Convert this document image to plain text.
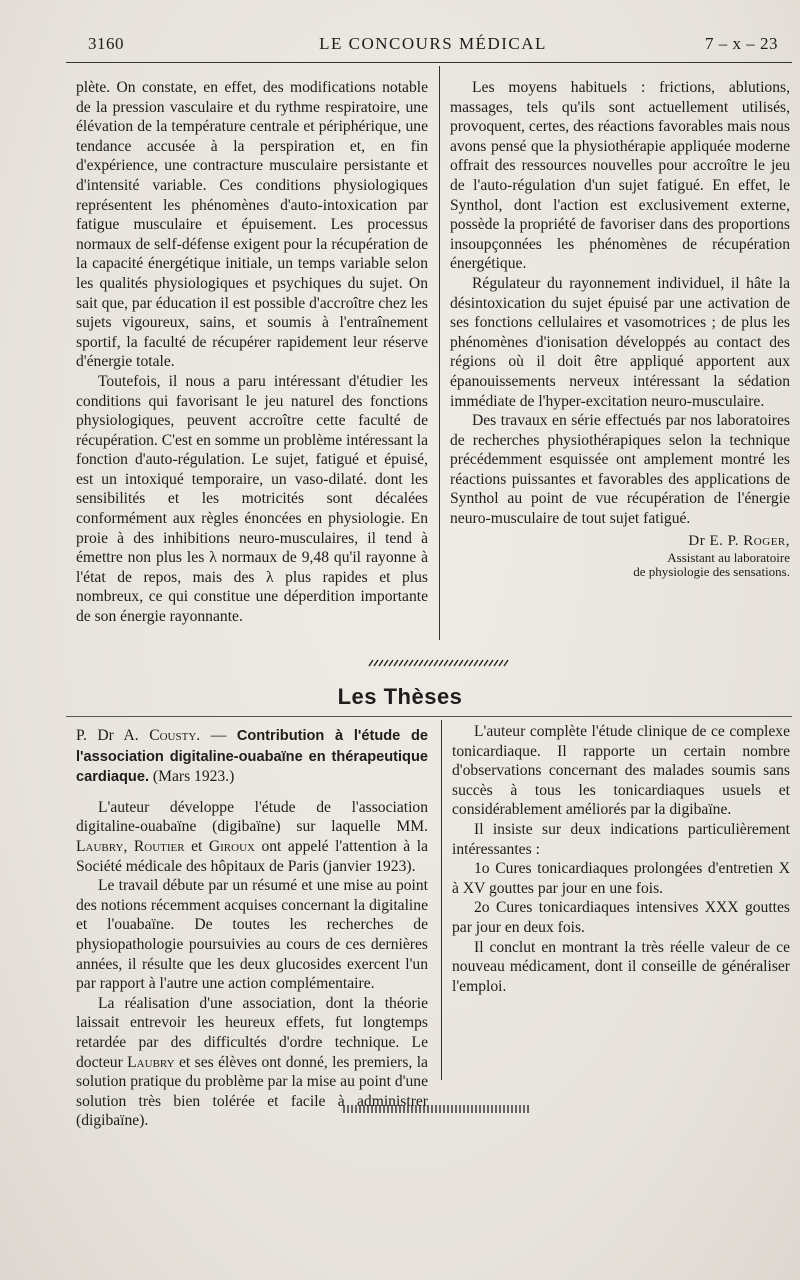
3160	LE CONCOURS MÉDICAL	7 – x – 23

plète. On constate, en effet, des modifications notable de la pression vasculaire et du rythme respiratoire, une élévation de la température centrale et périphérique, une tendance accusée à la perspiration et, en fin d'expérience, une contracture musculaire persistante et d'intensité variable. Ces conditions physiologiques représentent les phénomènes d'auto-intoxication par fatigue musculaire et épuisement. Les processus normaux de self-défense exigent pour la récupération de la capacité énergétique initiale, un temps variable selon les qualités physiologiques et psychiques du sujet. On sait que, par éducation il est possible d'accroître chez les sujets vigoureux, sains, et soumis à l'entraînement sportif, la faculté de récupérer rapidement leur réserve d'énergie totale.

Toutefois, il nous a paru intéressant d'étudier les conditions qui favorisant le jeu naturel des fonctions physiologiques, peuvent accroître cette faculté de récupération. C'est en somme un problème intéressant la fonction d'auto-régulation. Le sujet, fatigué et épuisé, est un intoxiqué temporaire, un vaso-dilaté. dont les sensibilités et les motricités sont décalées conformément aux règles énoncées en physiologie. En proie à des inhibitions neuro-musculaires, il tend à émettre non plus les λ normaux de 9,48 qu'il rayonne à l'état de repos, mais des λ plus rapides et plus nombreux, ce qui constitue une déperdition importante de son énergie rayonnante.

Les moyens habituels : frictions, ablutions, massages, tels qu'ils sont actuellement utilisés, provoquent, certes, des réactions favorables mais nous avons pensé que la physiothérapie appliquée moderne offrait des ressources nouvelles pour accroître le jeu de l'auto-régulation d'un sujet fatigué. En effet, le Synthol, dont l'action est exclusivement externe, possède la propriété de favoriser dans des proportions insoupçonnées les phénomènes de récupération énergétique.

Régulateur du rayonnement individuel, il hâte la désintoxication du sujet épuisé par une activation de ses fonctions cellulaires et vasomotrices ; de plus les phénomènes d'ionisation développés au contact des régions où il doit être appliqué apportent aux épanouissements nerveux intéressant la sédation immédiate de l'hyper-excitation neuro-musculaire.

Des travaux en série effectués par nos laboratoires de recherches physiothérapiques selon la technique précédemment esquissée ont amplement montré les réactions puissantes et favorables des applications de Synthol au point de vue récupération de l'énergie neuro-musculaire de tout sujet fatigué.

Dr E. P. Roger,
Assistant au laboratoire
de physiologie des sensations.
Les Thèses

P. Dr A. Cousty. — Contribution à l'étude de l'association digitaline-ouabaïne en thérapeutique cardiaque. (Mars 1923.)

L'auteur développe l'étude de l'association digitaline-ouabaïne (digibaïne) sur laquelle MM. Laubry, Routier et Giroux ont appelé l'attention à la Société médicale des hôpitaux de Paris (janvier 1923).

Le travail débute par un résumé et une mise au point des notions récemment acquises concernant la digitaline et l'ouabaïne. De toutes les recherches de physiopathologie poursuivies au cours de ces dernières années, il résulte que les deux glucosides exercent l'un par rapport à l'autre une action complémentaire.

La réalisation d'une association, dont la théorie laissait entrevoir les heureux effets, fut longtemps retardée par des difficultés d'ordre technique. Le docteur Laubry et ses élèves ont donné, les premiers, la solution pratique du problème par la mise au point d'une solution très bien tolérée et facile à administrer (digibaïne).

L'auteur complète l'étude clinique de ce complexe tonicardiaque. Il rapporte un certain nombre d'observations concernant des malades soumis sans succès à tous les tonicardiaques usuels et considérablement améliorés par la digibaïne.

Il insiste sur deux indications particulièrement intéressantes :

1o Cures tonicardiaques prolongées d'entretien X à XV gouttes par jour en une fois.

2o Cures tonicardiaques intensives XXX gouttes par jour en deux fois.

Il conclut en montrant la très réelle valeur de ce nouveau médicament, dont il conseille de généraliser l'emploi.
